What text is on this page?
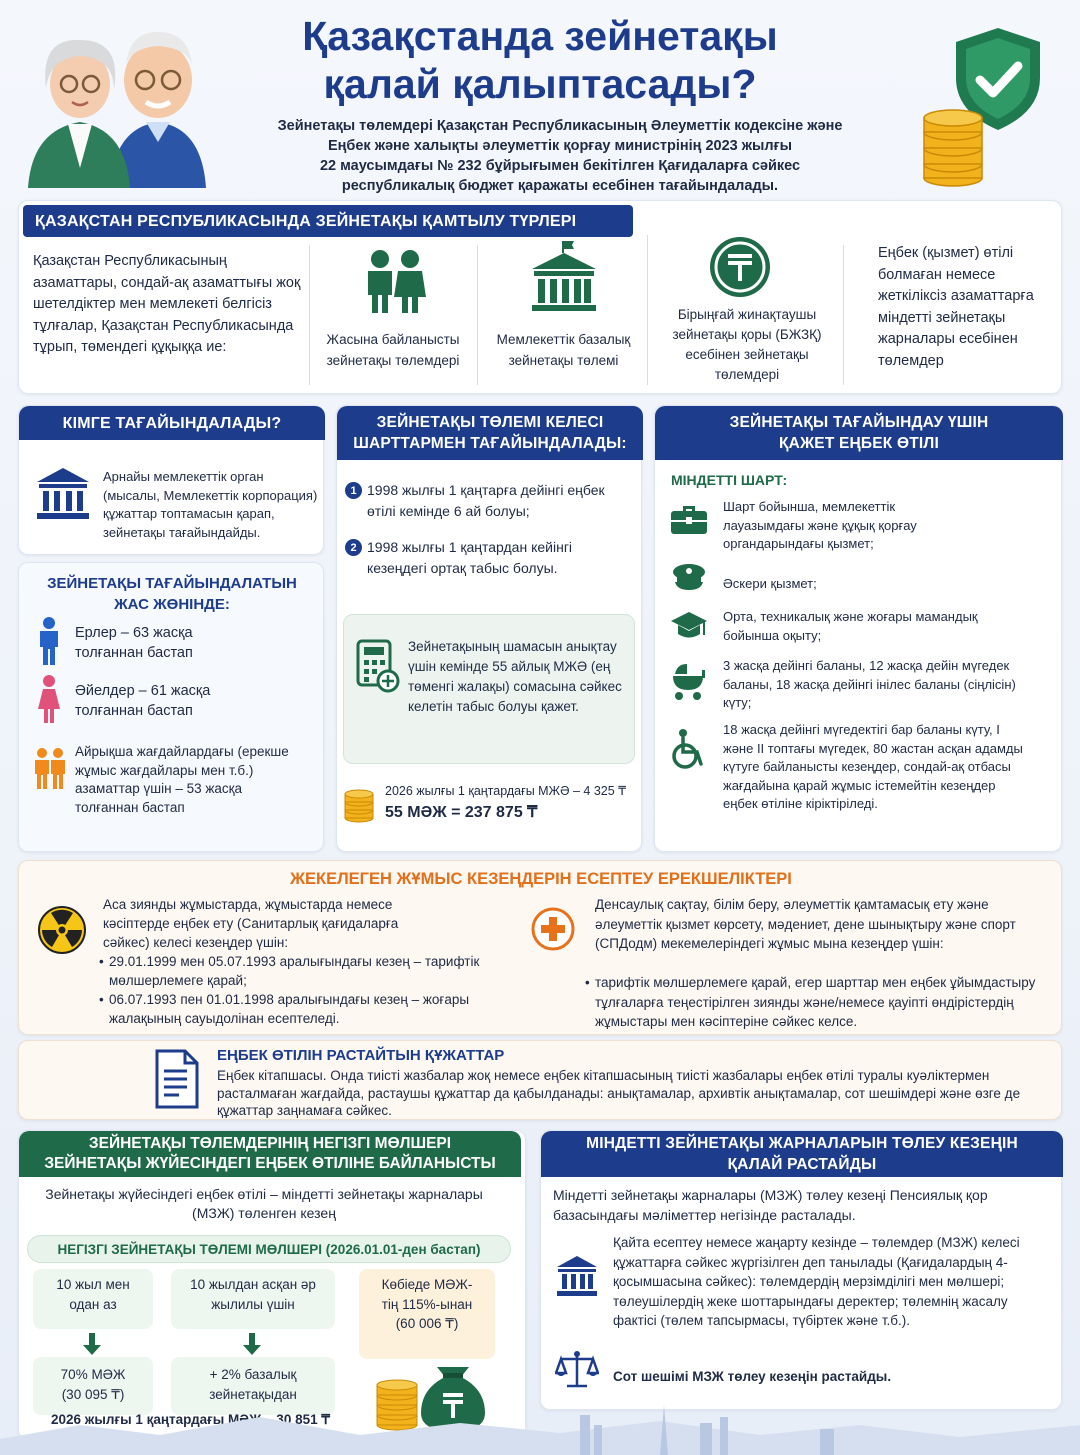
Қазақстанда зейнетақы
қалай қалыптасады?
Зейнетақы төлемдері Қазақстан Республикасының Әлеуметтік кодексіне және
Еңбек және халықты әлеуметтік қорғау министрінің 2023 жылғы
22 маусымдағы № 232 бұйрығымен бекітілген Қағидаларға сәйкес
республикалық бюджет қаражаты есебінен тағайындалады.
ҚАЗАҚСТАН РЕСПУБЛИКАСЫНДА ЗЕЙНЕТАҚЫ ҚАМТЫЛУ ТҮРЛЕРІ
Қазақстан Республикасының азаматтары, сондай-ақ азаматтығы жоқ шетелдіктер мен мемлекеті белгісіз тұлғалар, Қазақстан Республикасында тұрып, төмендегі құқыққа ие:	Жасына байланысты зейнетақы төлемдері
Мемлекеттік базалық зейнетақы төлемі
Бірыңғай жинақтаушы зейнетақы қоры (БЖЗҚ) есебінен зейнетақы төлемдері
Еңбек (қызмет) өтілі болмаған немесе жеткіліксіз азаматтарға міндетті зейнетақы жарналары есебінен төлемдер
КІМГЕ ТАҒАЙЫНДАЛАДЫ?
Арнайы мемлекеттік орган (мысалы, Мемлекеттік корпорация) құжаттар топтамасын қарап, зейнетақы тағайындайды.
ЗЕЙНЕТАҚЫ ТАҒАЙЫНДАЛАТЫН ЖАС ЖӨНІНДЕ:
Ерлер – 63 жасқа толғаннан бастап
Әйелдер – 61 жасқа толғаннан бастап
Айрықша жағдайлардағы (ерекше жұмыс жағдайлары мен т.б.) азаматтар үшін – 53 жасқа толғаннан бастап
ЗЕЙНЕТАҚЫ ТӨЛЕМІ КЕЛЕСІ ШАРТТАРМЕН ТАҒАЙЫНДАЛАДЫ:
1 1998 жылғы 1 қаңтарға дейінгі еңбек өтілі кемінде 6 ай болуы;
2 1998 жылғы 1 қаңтардан кейінгі кезеңдегі ортақ табыс болуы.
Зейнетақының шамасын анықтау үшін кемінде 55 айлық МЖӘ (ең төменгі жалақы) сомасына сәйкес келетін табыс болуы қажет.
2026 жылғы 1 қаңтардағы МЖӘ – 4 325 ₸
55 МӘЖ = 237 875 ₸
ЗЕЙНЕТАҚЫ ТАҒАЙЫНДАУ ҮШІН ҚАЖЕТ ЕҢБЕК ӨТІЛІ
МІНДЕТТІ ШАРТ:
Шарт бойынша, мемлекеттік лауазымдағы және құқық қорғау органдарындағы қызмет;
Әскери қызмет;
Орта, техникалық және жоғары мамандық бойынша оқыту;
3 жасқа дейінгі баланы, 12 жасқа дейін мүгедек баланы, 18 жасқа дейінгі інілес баланы (сіңлісін) күту;
18 жасқа дейінгі мүгедектігі бар баланы күту, I және II топтағы мүгедек, 80 жастан асқан адамды күтуге байланысты кезеңдер, сондай-ақ отбасы жағдайына қарай жұмыс істемейтін кезеңдер еңбек өтіліне кіріктіріледі.
ЖЕКЕЛЕГЕН ЖҰМЫС КЕЗЕҢДЕРІН ЕСЕПТЕУ ЕРЕКШЕЛІКТЕРІ
Аса зиянды жұмыстарда, жұмыстарда немесе кәсіптерде еңбек ету (Санитарлық қағидаларға сәйкес) келесі кезеңдер үшін:
• 29.01.1999 мен 05.07.1993 аралығындағы кезең – тарифтік мөлшерлемеге қарай;
• 06.07.1993 пен 01.01.1998 аралығындағы кезең – жоғары жалақының сауыдолінан есептеледі.
Денсаулық сақтау, білім беру, әлеуметтік қамтамасық ету және әлеуметтік қызмет көрсету, мәдениет, дене шынықтыру және спорт (СПДодм) мекемелеріндегі жұмыс мына кезеңдер үшін:
• тарифтік мөлшерлемеге қарай, егер шарттар мен еңбек ұйымдастыру тұлғаларға теңестірілген зиянды және/немесе қауіпті өндірістердің жұмыстары мен кәсіптеріне сәйкес келсе.
ЕҢБЕК ӨТІЛІН РАСТАЙТЫН ҚҰЖАТТАР
Еңбек кітапшасы. Онда тиісті жазбалар жоқ немесе еңбек кітапшасының тиісті жазбалары еңбек өтілі туралы куәліктермен расталмаған жағдайда, растаушы құжаттар да қабылданады: анықтамалар, архивтік анықтамалар, сот шешімдері және өзге де құжаттар заңнамаға сәйкес.
ЗЕЙНЕТАҚЫ ТӨЛЕМДЕРІНІҢ НЕГІЗГІ МӨЛШЕРІ ЗЕЙНЕТАҚЫ ЖҮЙЕСІНДЕГІ ЕҢБЕК ӨТІЛІНЕ БАЙЛАНЫСТЫ
Зейнетақы жүйесіндегі еңбек өтілі – міндетті зейнетақы жарналары (МЗЖ) төленген кезең
НЕГІЗГІ ЗЕЙНЕТАҚЫ ТӨЛЕМІ МӨЛШЕРІ (2026.01.01-ден бастап)
10 жыл мен одан аз
70% МӘЖ (30 095 ₸)
10 жылдан асқан әр жылилы үшін
+ 2% базалық зейнетақыдан
Көбіеде МӘЖ-тің 115%-ынан (60 006 ₸)
2026 жылғы 1 қаңтардағы МӘЖ – 30 851 ₸
МІНДЕТТІ ЗЕЙНЕТАҚЫ ЖАРНАЛАРЫН ТӨЛЕУ КЕЗЕҢІН ҚАЛАЙ РАСТАЙДЫ
Міндетті зейнетақы жарналары (МЗЖ) төлеу кезеңі Пенсиялық қор базасындағы мәліметтер негізінде расталады.
Қайта есептеу немесе жаңарту кезінде – төлемдер (МЗЖ) келесі құжаттарға сәйкес жүргізілген деп танылады (Қағидалардың 4-қосымшасына сәйкес): төлемдердің мерзімділігі мен мөлшері; төлеушілердің жеке шоттарындағы деректер; төлемнің жасалу фактісі (төлем тапсырмасы, түбіртек және т.б.).
Сот шешімі МЗЖ төлеу кезеңін растайды.
